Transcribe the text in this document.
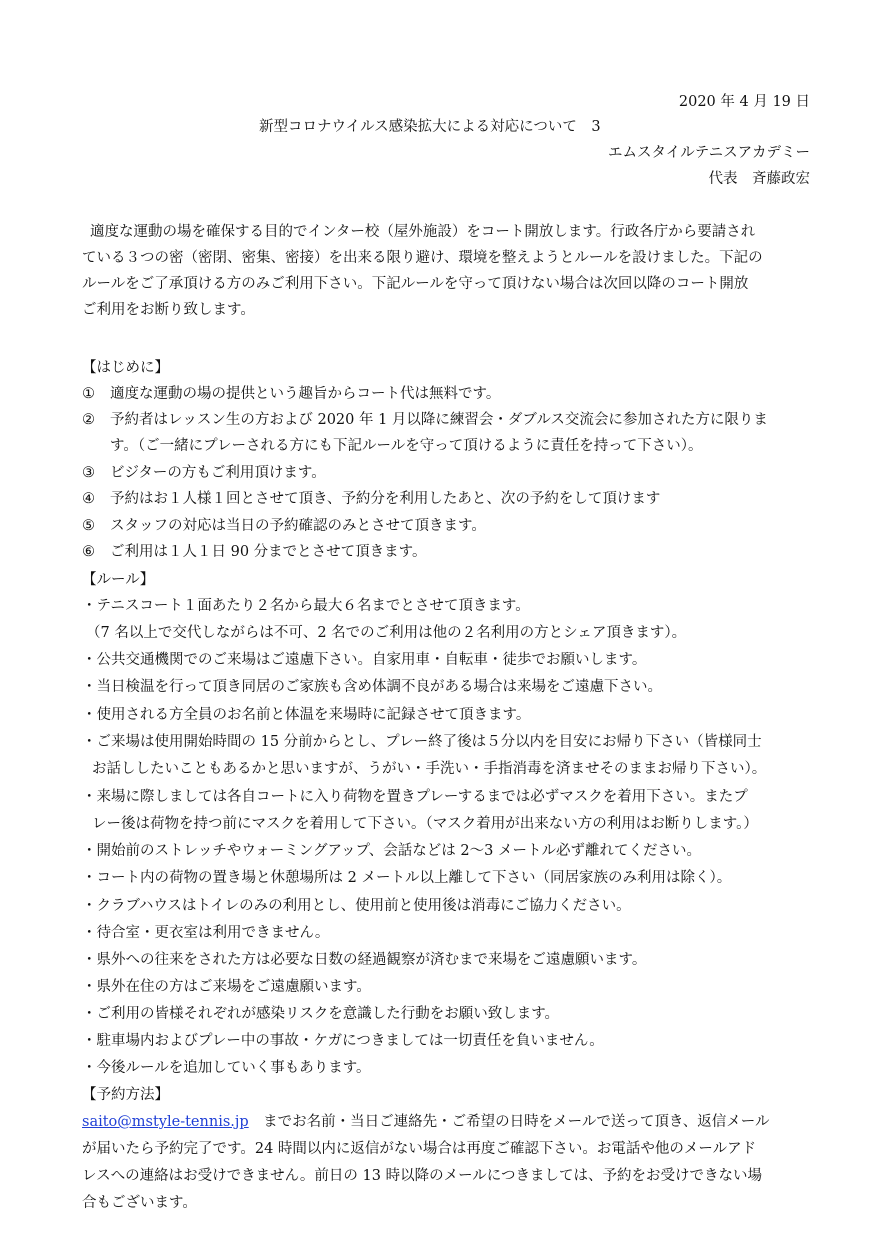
2020 年 4 月 19 日
新型コロナウイルス感染拡大による対応について　3
エムスタイルテニスアカデミー
代表　斉藤政宏
適度な運動の場を確保する目的でインター校（屋外施設）をコート開放します。行政各庁から要請され
ている３つの密（密閉、密集、密接）を出来る限り避け、環境を整えようとルールを設けました。下記の
ルールをご了承頂ける方のみご利用下さい。下記ルールを守って頂けない場合は次回以降のコート開放
ご利用をお断り致します。
【はじめに】
① 適度な運動の場の提供という趣旨からコート代は無料です。
② 予約者はレッスン生の方および 2020 年 1 月以降に練習会・ダブルス交流会に参加された方に限りま
す。（ご一緒にプレーされる方にも下記ルールを守って頂けるように責任を持って下さい）。
③ ビジターの方もご利用頂けます。
④ 予約はお１人様１回とさせて頂き、予約分を利用したあと、次の予約をして頂けます
⑤ スタッフの対応は当日の予約確認のみとさせて頂きます。
⑥ ご利用は１人１日 90 分までとさせて頂きます。
【ルール】
・テニスコート１面あたり２名から最大６名までとさせて頂きます。
（7 名以上で交代しながらは不可、2 名でのご利用は他の２名利用の方とシェア頂きます）。
・公共交通機関でのご来場はご遠慮下さい。自家用車・自転車・徒歩でお願いします。
・当日検温を行って頂き同居のご家族も含め体調不良がある場合は来場をご遠慮下さい。
・使用される方全員のお名前と体温を来場時に記録させて頂きます。
・ご来場は使用開始時間の 15 分前からとし、プレー終了後は５分以内を目安にお帰り下さい（皆様同士
お話ししたいこともあるかと思いますが、うがい・手洗い・手指消毒を済ませそのままお帰り下さい）。
・来場に際しましては各自コートに入り荷物を置きプレーするまでは必ずマスクを着用下さい。またプ
レー後は荷物を持つ前にマスクを着用して下さい。（マスク着用が出来ない方の利用はお断りします。）
・開始前のストレッチやウォーミングアップ、会話などは 2～3 メートル必ず離れてください。
・コート内の荷物の置き場と休憩場所は 2 メートル以上離して下さい（同居家族のみ利用は除く）。
・クラブハウスはトイレのみの利用とし、使用前と使用後は消毒にご協力ください。
・待合室・更衣室は利用できません。
・県外への往来をされた方は必要な日数の経過観察が済むまで来場をご遠慮願います。
・県外在住の方はご来場をご遠慮願います。
・ご利用の皆様それぞれが感染リスクを意識した行動をお願い致します。
・駐車場内およびプレー中の事故・ケガにつきましては一切責任を負いません。
・今後ルールを追加していく事もあります。
【予約方法】
saito@mstyle-tennis.jp　までお名前・当日ご連絡先・ご希望の日時をメールで送って頂き、返信メール
が届いたら予約完了です。24 時間以内に返信がない場合は再度ご確認下さい。お電話や他のメールアド
レスへの連絡はお受けできません。前日の 13 時以降のメールにつきましては、予約をお受けできない場
合もございます。
